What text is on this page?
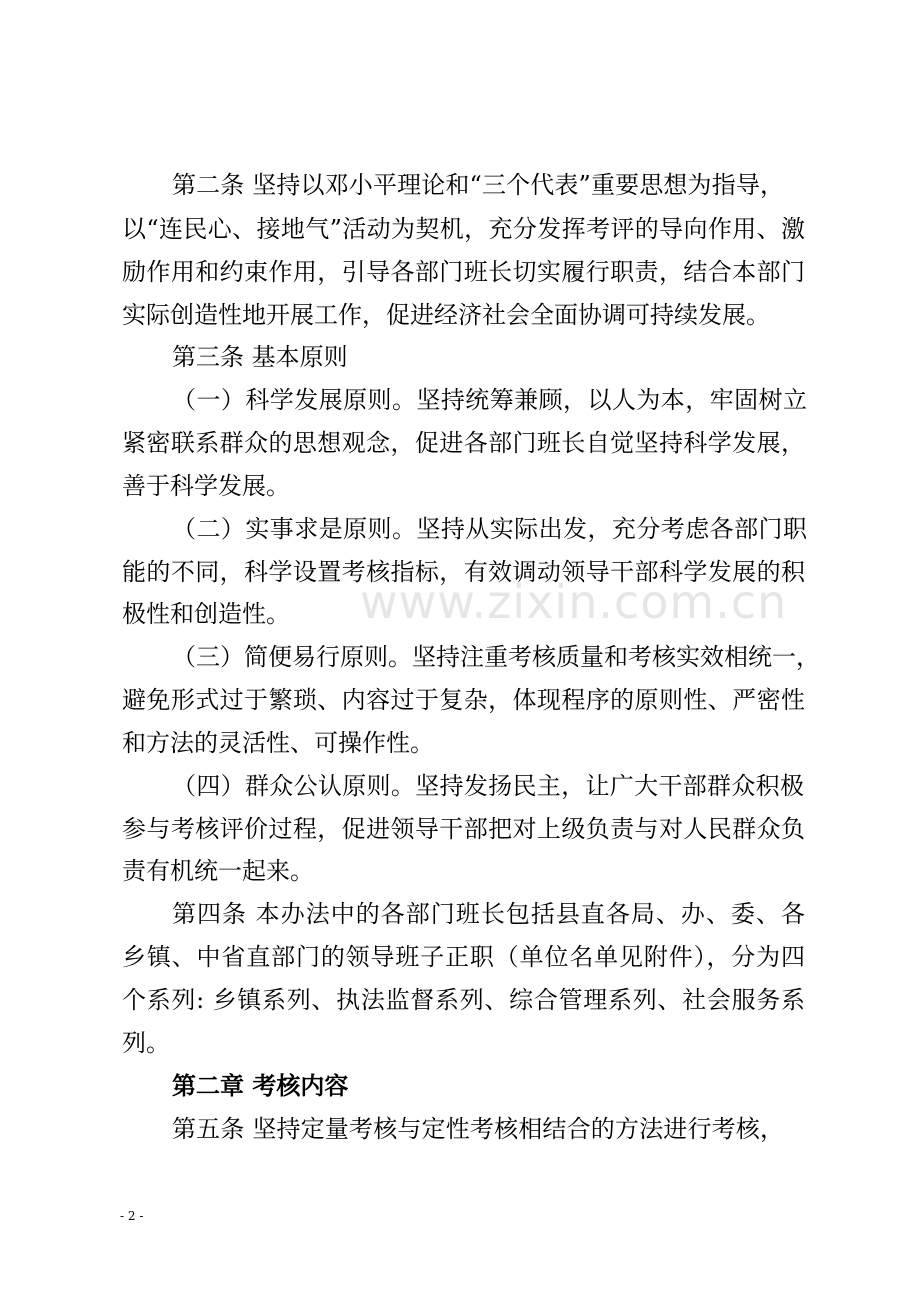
www.zixin.com.cn
第二条 坚持以邓小平理论和“三个代表”重要思想为指导，
以“连民心、接地气”活动为契机，充分发挥考评的导向作用、激
励作用和约束作用，引导各部门班长切实履行职责，结合本部门
实际创造性地开展工作，促进经济社会全面协调可持续发展。
第三条 基本原则
（一）科学发展原则。坚持统筹兼顾，以人为本，牢固树立
紧密联系群众的思想观念，促进各部门班长自觉坚持科学发展，
善于科学发展。
（二）实事求是原则。坚持从实际出发，充分考虑各部门职
能的不同，科学设置考核指标，有效调动领导干部科学发展的积
极性和创造性。
（三）简便易行原则。坚持注重考核质量和考核实效相统一，
避免形式过于繁琐、内容过于复杂，体现程序的原则性、严密性
和方法的灵活性、可操作性。
（四）群众公认原则。坚持发扬民主，让广大干部群众积极
参与考核评价过程，促进领导干部把对上级负责与对人民群众负
责有机统一起来。
第四条 本办法中的各部门班长包括县直各局、办、委、各
乡镇、中省直部门的领导班子正职（单位名单见附件），分为四
个系列: 乡镇系列、执法监督系列、综合管理系列、社会服务系
列。
第二章 考核内容
第五条 坚持定量考核与定性考核相结合的方法进行考核，
- 2 -
